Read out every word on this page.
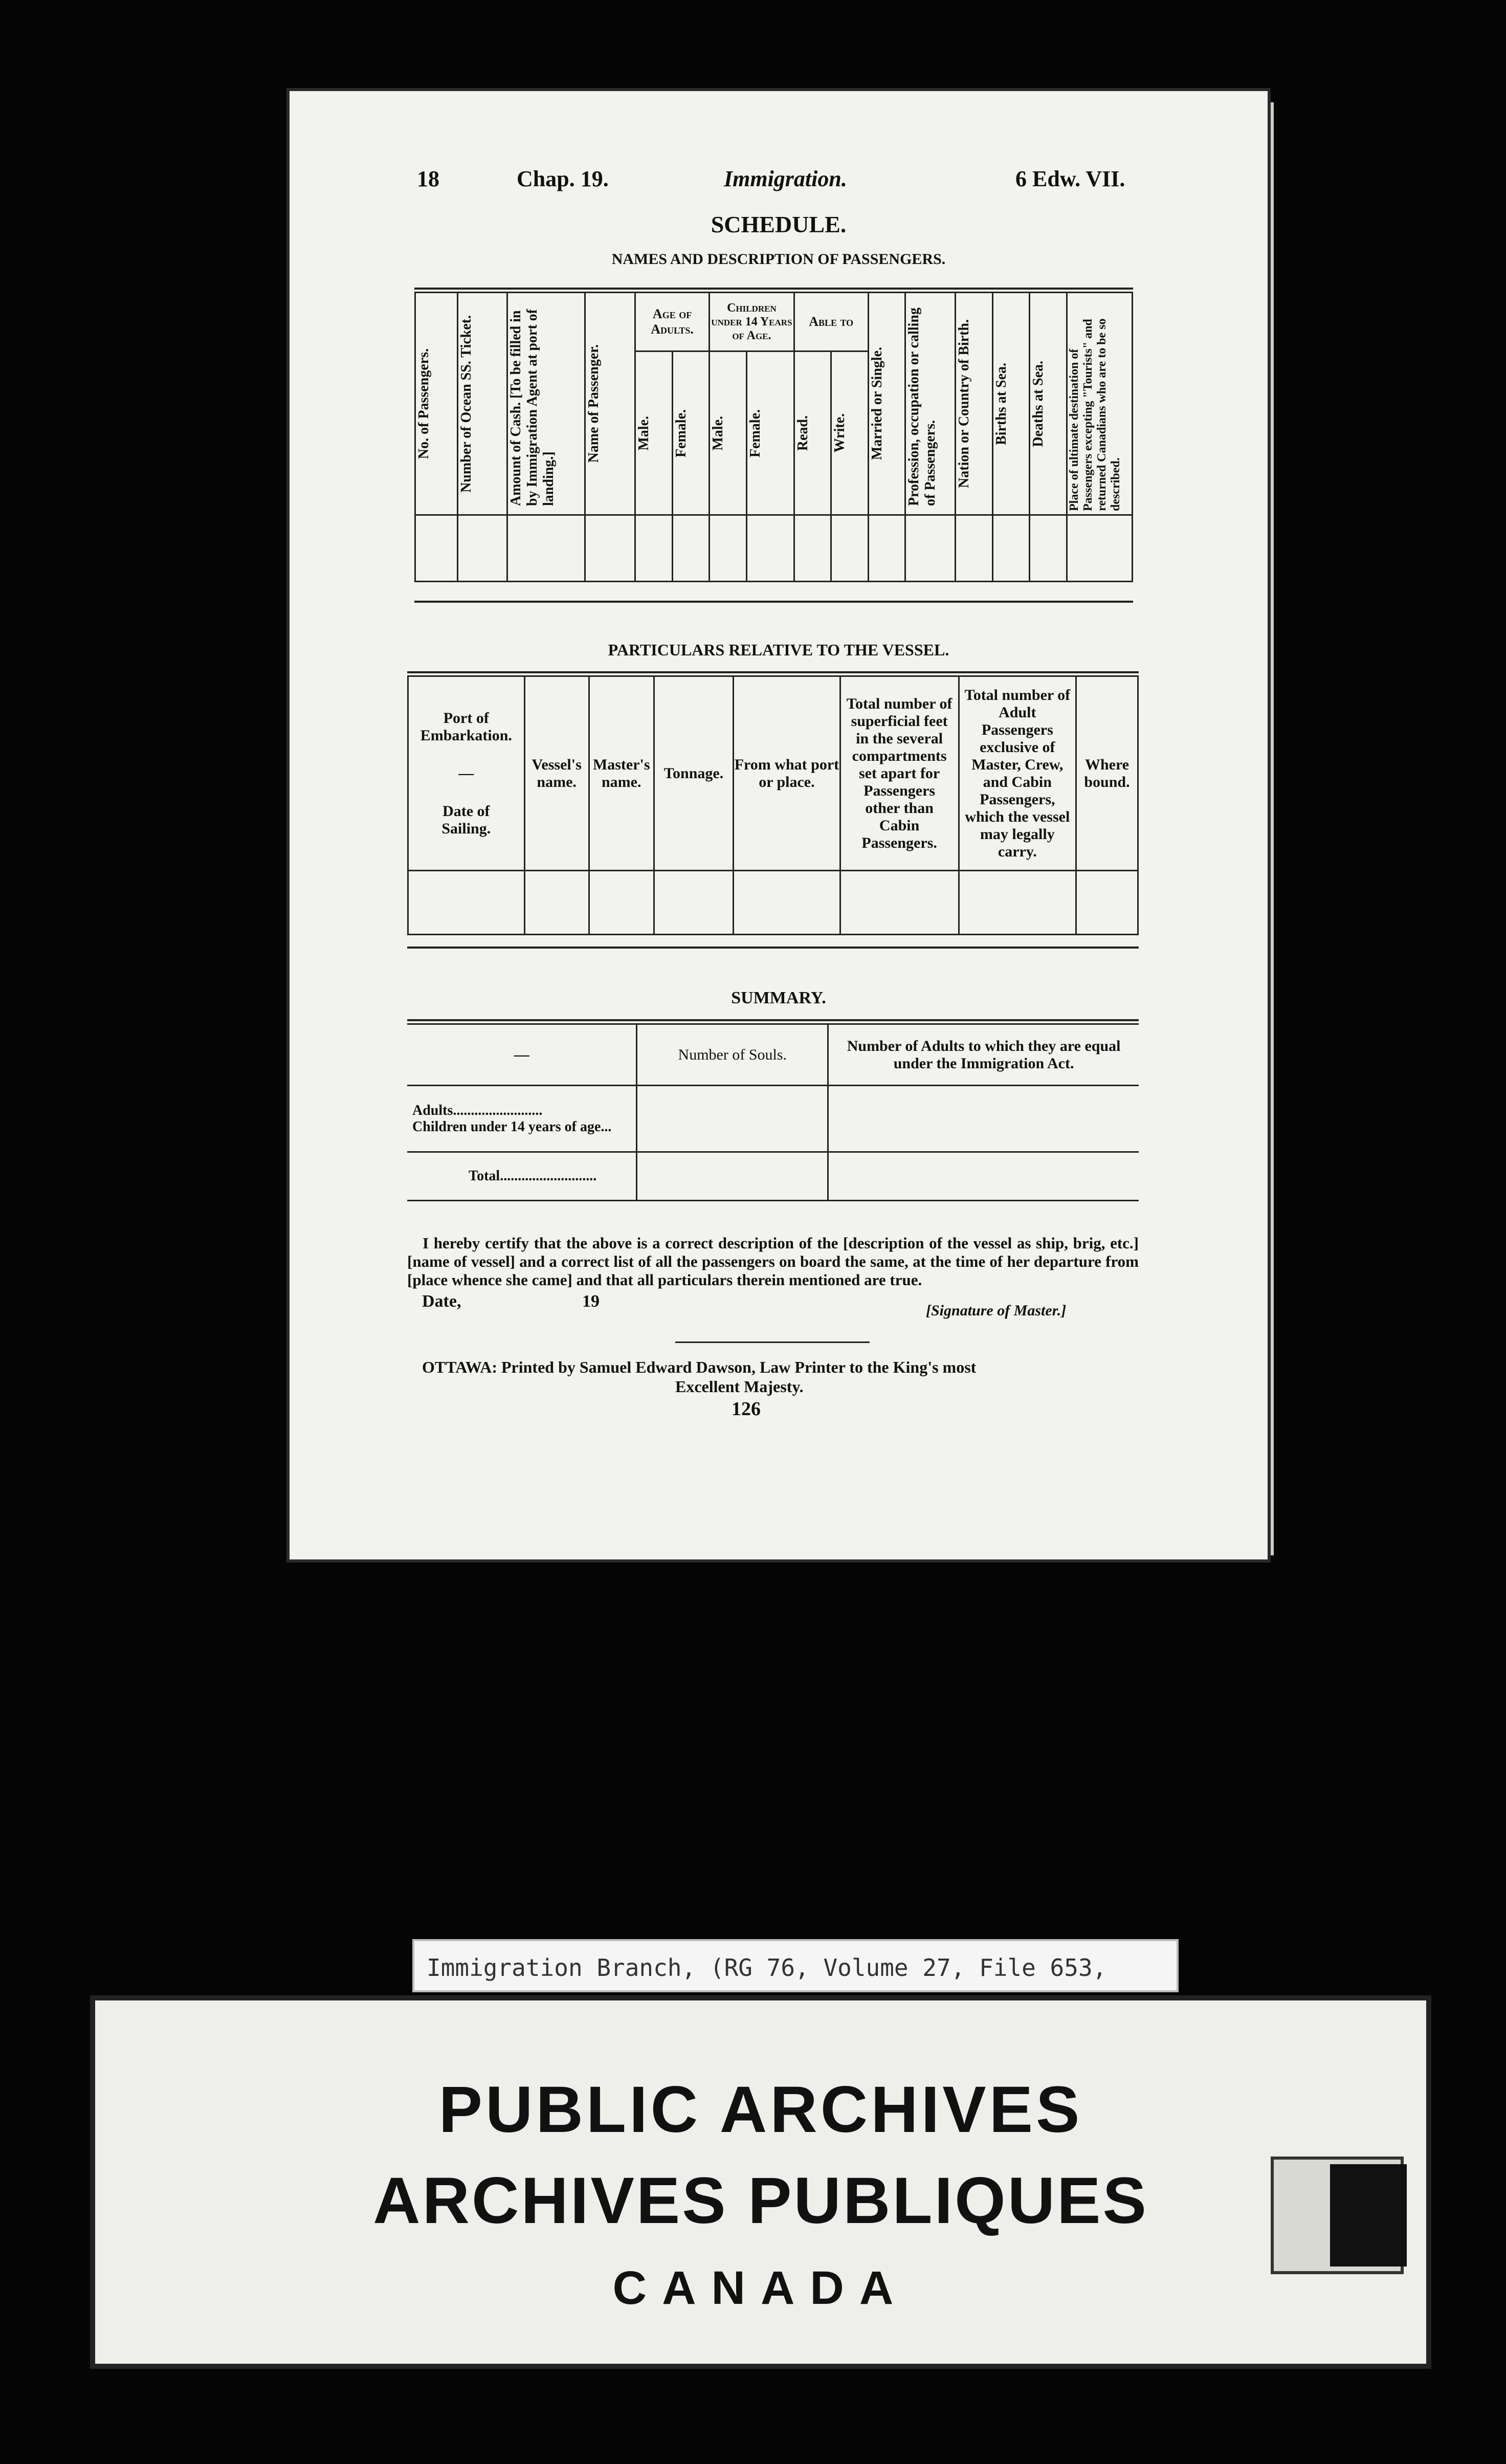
18	Chap. 19.	Immigration.	6 Edw. VII.
SCHEDULE.
NAMES AND DESCRIPTION OF PASSENGERS.
No. of Passengers.	Number of Ocean SS. Ticket.	Amount of Cash. [To be filled in by Immigration Agent at port of landing.]	Name of Passenger.	Age of Adults.		Children under 14 Years of Age.		Able to		Married or Single.	Profession, occupation or calling of Passengers.	Nation or Country of Birth.	Births at Sea.	Deaths at Sea.	Place of ultimate destination of Passengers excepting "Tourists" and returned Canadians who are to be so described.

				Male.	Female.	Male.	Female.	Read.	Write.						

PARTICULARS RELATIVE TO THE VESSEL.
Port of Embarkation.
—
Date of Sailing.	Vessel's name.	Master's name.	Tonnage.	From what port or place.	Total number of superficial feet in the several compartments set apart for Passengers other than Cabin Passengers.	Total number of Adult Passengers exclusive of Master, Crew, and Cabin Passengers, which the vessel may legally carry.	Where bound.

SUMMARY.
—	Number of Souls.	Number of Adults to which they are equal under the Immigration Act.

Adults.........................
Children under 14 years of age...		

Total...........................		
I hereby certify that the above is a correct description of the [description of the vessel as ship, brig, etc.] [name of vessel] and a correct list of all the passengers on board the same, at the time of her departure from [place whence she came] and that all particulars therein mentioned are true.
Date,	19	[Signature of Master.]
OTTAWA: Printed by Samuel Edward Dawson, Law Printer to the King's most
Excellent Majesty.
126
Immigration Branch, (RG 76, Volume 27, File 653,
PUBLIC ARCHIVES
ARCHIVES PUBLIQUES
CANADA
